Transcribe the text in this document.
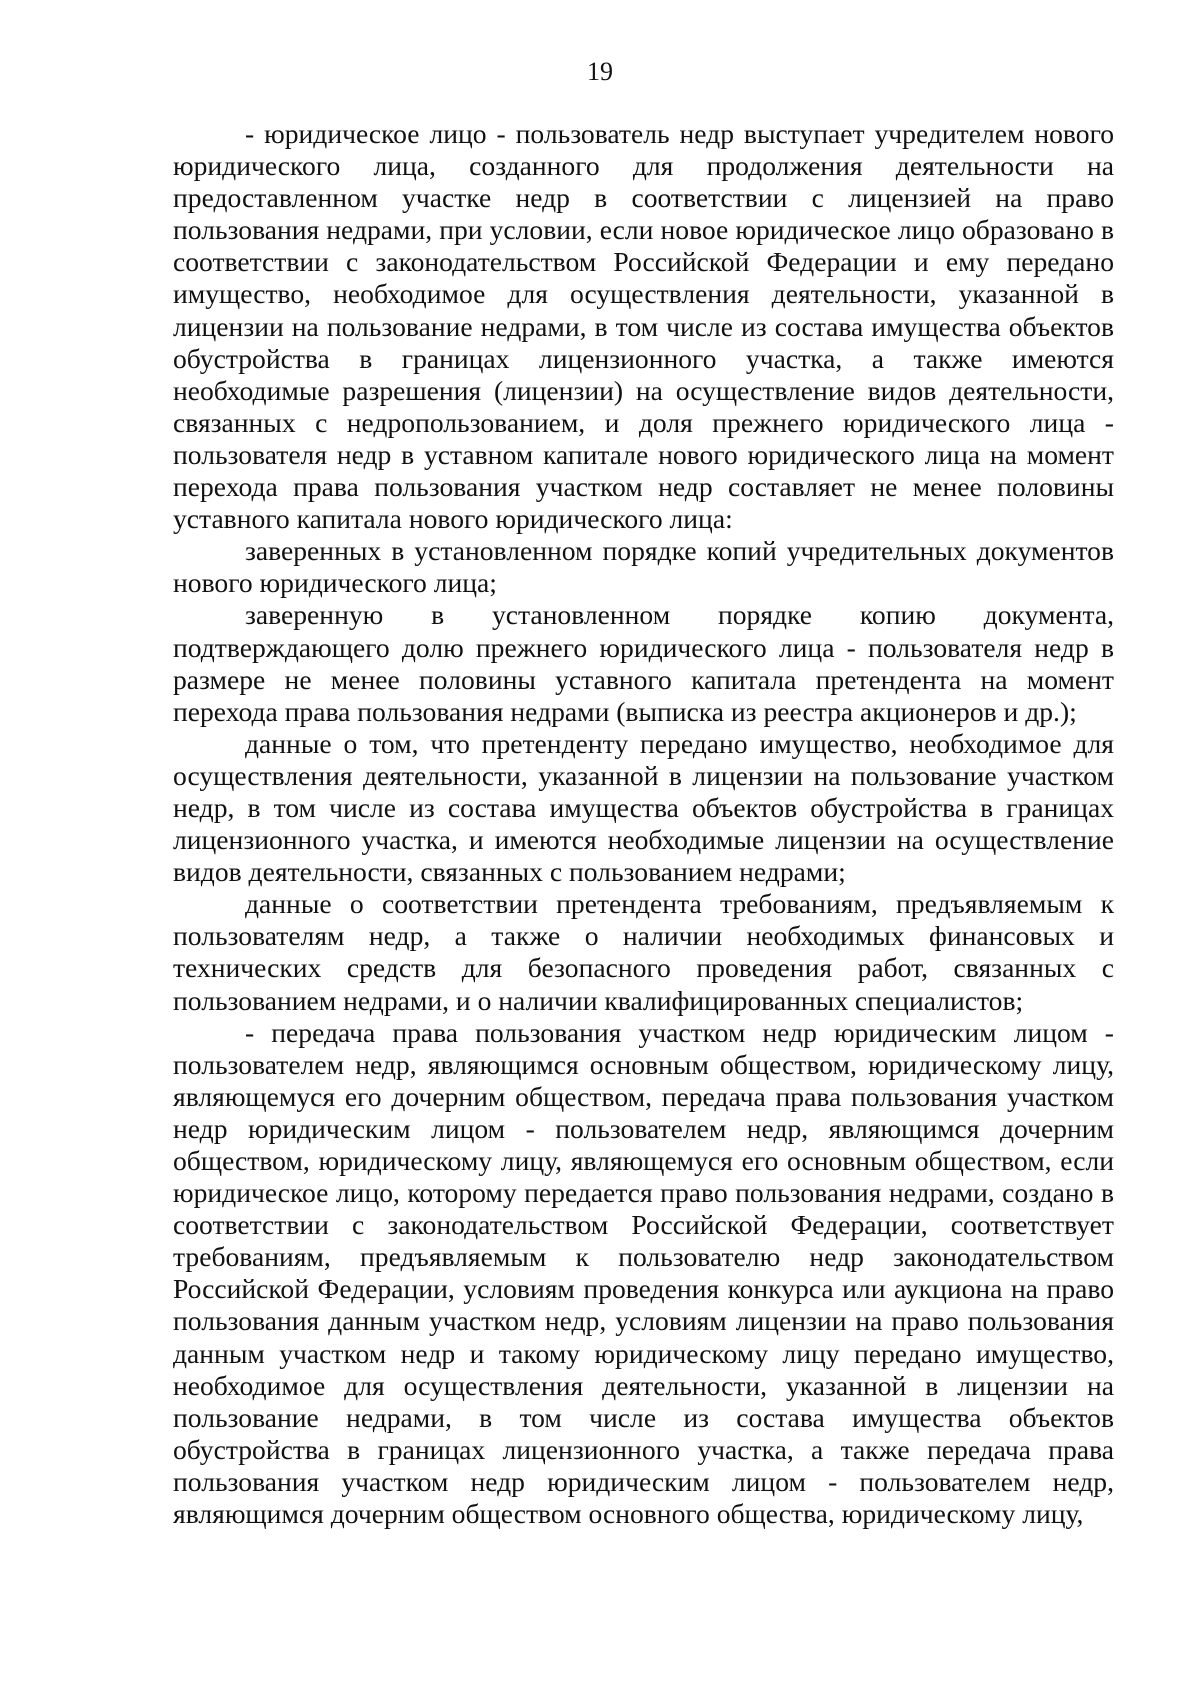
19

- юридическое лицо - пользователь недр выступает учредителем нового юридического лица, созданного для продолжения деятельности на предоставленном участке недр в соответствии с лицензией на право пользования недрами, при условии, если новое юридическое лицо образовано в соответствии с законодательством Российской Федерации и ему передано имущество, необходимое для осуществления деятельности, указанной в лицензии на пользование недрами, в том числе из состава имущества объектов обустройства в границах лицензионного участка, а также имеются необходимые разрешения (лицензии) на осуществление видов деятельности, связанных с недропользованием, и доля прежнего юридического лица - пользователя недр в уставном капитале нового юридического лица на момент перехода права пользования участком недр составляет не менее половины уставного капитала нового юридического лица:

заверенных в установленном порядке копий учредительных документов нового юридического лица;

заверенную в установленном порядке копию документа, подтверждающего долю прежнего юридического лица - пользователя недр в размере не менее половины уставного капитала претендента на момент перехода права пользования недрами (выписка из реестра акционеров и др.);

данные о том, что претенденту передано имущество, необходимое для осуществления деятельности, указанной в лицензии на пользование участком недр, в том числе из состава имущества объектов обустройства в границах лицензионного участка, и имеются необходимые лицензии на осуществление видов деятельности, связанных с пользованием недрами;

данные о соответствии претендента требованиям, предъявляемым к пользователям недр, а также о наличии необходимых финансовых и технических средств для безопасного проведения работ, связанных с пользованием недрами, и о наличии квалифицированных специалистов;

- передача права пользования участком недр юридическим лицом - пользователем недр, являющимся основным обществом, юридическому лицу, являющемуся его дочерним обществом, передача права пользования участком недр юридическим лицом - пользователем недр, являющимся дочерним обществом, юридическому лицу, являющемуся его основным обществом, если юридическое лицо, которому передается право пользования недрами, создано в соответствии с законодательством Российской Федерации, соответствует требованиям, предъявляемым к пользователю недр законодательством Российской Федерации, условиям проведения конкурса или аукциона на право пользования данным участком недр, условиям лицензии на право пользования данным участком недр и такому юридическому лицу передано имущество, необходимое для осуществления деятельности, указанной в лицензии на пользование недрами, в том числе из состава имущества объектов обустройства в границах лицензионного участка, а также передача права пользования участком недр юридическим лицом - пользователем недр, являющимся дочерним обществом основного общества, юридическому лицу,
